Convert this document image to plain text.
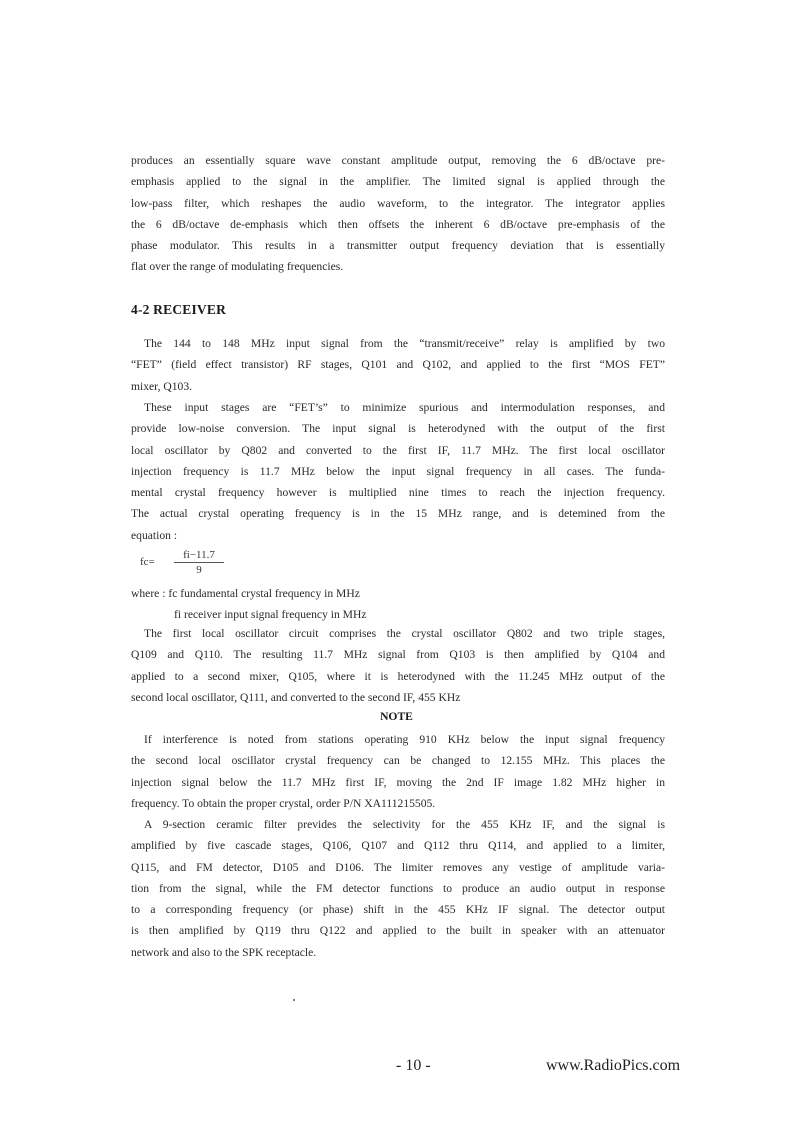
produces an essentially square wave constant amplitude output, removing the 6 dB/octave pre-

emphasis applied to the signal in the amplifier. The limited signal is applied through the

low-pass filter, which reshapes the audio waveform, to the integrator. The integrator applies

the 6 dB/octave de-emphasis which then offsets the inherent 6 dB/octave pre-emphasis of the

phase modulator. This results in a transmitter output frequency deviation that is essentially

flat over the range of modulating frequencies.

4-2 RECEIVER

The 144 to 148 MHz input signal from the “transmit/receive” relay is amplified by two

“FET” (field effect transistor) RF stages, Q101 and Q102, and applied to the first “MOS FET”

mixer, Q103.

These input stages are “FET’s” to minimize spurious and intermodulation responses, and

provide low-noise conversion. The input signal is heterodyned with the output of the first

local oscillator by Q802 and converted to the first IF, 11.7 MHz. The first local oscillator

injection frequency is 11.7 MHz below the input signal frequency in all cases. The funda-

mental crystal frequency however is multiplied nine times to reach the injection frequency.

The actual crystal operating frequency is in the 15 MHz range, and is detemined from the

equation :

$fc= \frac{fi-11.7}{9}$
where : fc fundamental crystal frequency in MHz
fi receiver input signal frequency in MHz

The first local oscillator circuit comprises the crystal oscillator Q802 and two triple stages,

Q109 and Q110. The resulting 11.7 MHz signal from Q103 is then amplified by Q104 and

applied to a second mixer, Q105, where it is heterodyned with the 11.245 MHz output of the

second local oscillator, Q111, and converted to the second IF, 455 KHz

NOTE

If interference is noted from stations operating 910 KHz below the input signal frequency

the second local oscillator crystal frequency can be changed to 12.155 MHz. This places the

injection signal below the 11.7 MHz first IF, moving the 2nd IF image 1.82 MHz higher in

frequency. To obtain the proper crystal, order P/N XA111215505.

A 9-section ceramic filter prevides the selectivity for the 455 KHz IF, and the signal is

amplified by five cascade stages, Q106, Q107 and Q112 thru Q114, and applied to a limiter,

Q115, and FM detector, D105 and D106. The limiter removes any vestige of amplitude varia-

tion from the signal, while the FM detector functions to produce an audio output in response

to a corresponding frequency (or phase) shift in the 455 KHz IF signal. The detector output

is then amplified by Q119 thru Q122 and applied to the built in speaker with an attenuator

network and also to the SPK receptacle.

- 10 -	www.RadioPics.com
